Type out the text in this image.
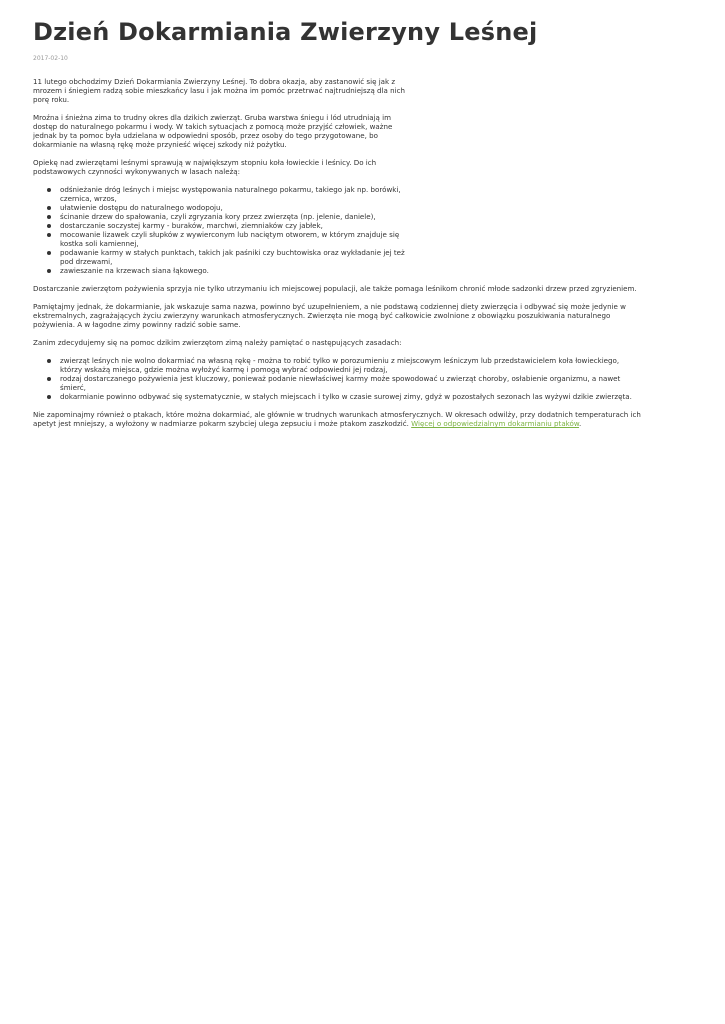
Dzień Dokarmiania Zwierzyny Leśnej
2017-02-10

11 lutego obchodzimy Dzień Dokarmiania Zwierzyny Leśnej. To dobra okazja, aby zastanowić się jak z mrozem i śniegiem radzą sobie mieszkańcy lasu i jak można im pomóc przetrwać najtrudniejszą dla nich porę roku.

Mroźna i śnieżna zima to trudny okres dla dzikich zwierząt. Gruba warstwa śniegu i lód utrudniają im dostęp do naturalnego pokarmu i wody. W takich sytuacjach z pomocą może przyjść człowiek, ważne jednak by ta pomoc była udzielana w odpowiedni sposób, przez osoby do tego przygotowane, bo dokarmianie na własną rękę może przynieść więcej szkody niż pożytku.

Opiekę nad zwierzętami leśnymi sprawują w największym stopniu koła łowieckie i leśnicy. Do ich podstawowych czynności wykonywanych w lasach należą:

odśnieżanie dróg leśnych i miejsc występowania naturalnego pokarmu, takiego jak np. borówki, czernica, wrzos,
ułatwienie dostępu do naturalnego wodopoju,
ścinanie drzew do spałowania, czyli zgryzania kory przez zwierzęta (np. jelenie, daniele),
dostarczanie soczystej karmy - buraków, marchwi, ziemniaków czy jabłek,
mocowanie lizawek czyli słupków z wywierconym lub naciętym otworem, w którym znajduje się kostka soli kamiennej,
podawanie karmy w stałych punktach, takich jak paśniki czy buchtowiska oraz wykładanie jej też pod drzewami,
zawieszanie na krzewach siana łąkowego.

Dostarczanie zwierzętom pożywienia sprzyja nie tylko utrzymaniu ich miejscowej populacji, ale także pomaga leśnikom chronić młode sadzonki drzew przed zgryzieniem.

Pamiętajmy jednak, że dokarmianie, jak wskazuje sama nazwa, powinno być uzupełnieniem, a nie podstawą codziennej diety zwierzęcia i odbywać się może jedynie w ekstremalnych, zagrażających życiu zwierzyny warunkach atmosferycznych. Zwierzęta nie mogą być całkowicie zwolnione z obowiązku poszukiwania naturalnego pożywienia. A w łagodne zimy powinny radzić sobie same.

Zanim zdecydujemy się na pomoc dzikim zwierzętom zimą należy pamiętać o następujących zasadach:

zwierząt leśnych nie wolno dokarmiać na własną rękę - można to robić tylko w porozumieniu z miejscowym leśniczym lub przedstawicielem koła łowieckiego, którzy wskażą miejsca, gdzie można wyłożyć karmę i pomogą wybrać odpowiedni jej rodzaj,
rodzaj dostarczanego pożywienia jest kluczowy, ponieważ podanie niewłaściwej karmy może spowodować u zwierząt choroby, osłabienie organizmu, a nawet śmierć,
dokarmianie powinno odbywać się systematycznie, w stałych miejscach i tylko w czasie surowej zimy, gdyż w pozostałych sezonach las wyżywi dzikie zwierzęta.

Nie zapominajmy również o ptakach, które można dokarmiać, ale głównie w trudnych warunkach atmosferycznych. W okresach odwilży, przy dodatnich temperaturach ich apetyt jest mniejszy, a wyłożony w nadmiarze pokarm szybciej ulega zepsuciu i może ptakom zaszkodzić. Więcej o odpowiedzialnym dokarmianiu ptaków.
